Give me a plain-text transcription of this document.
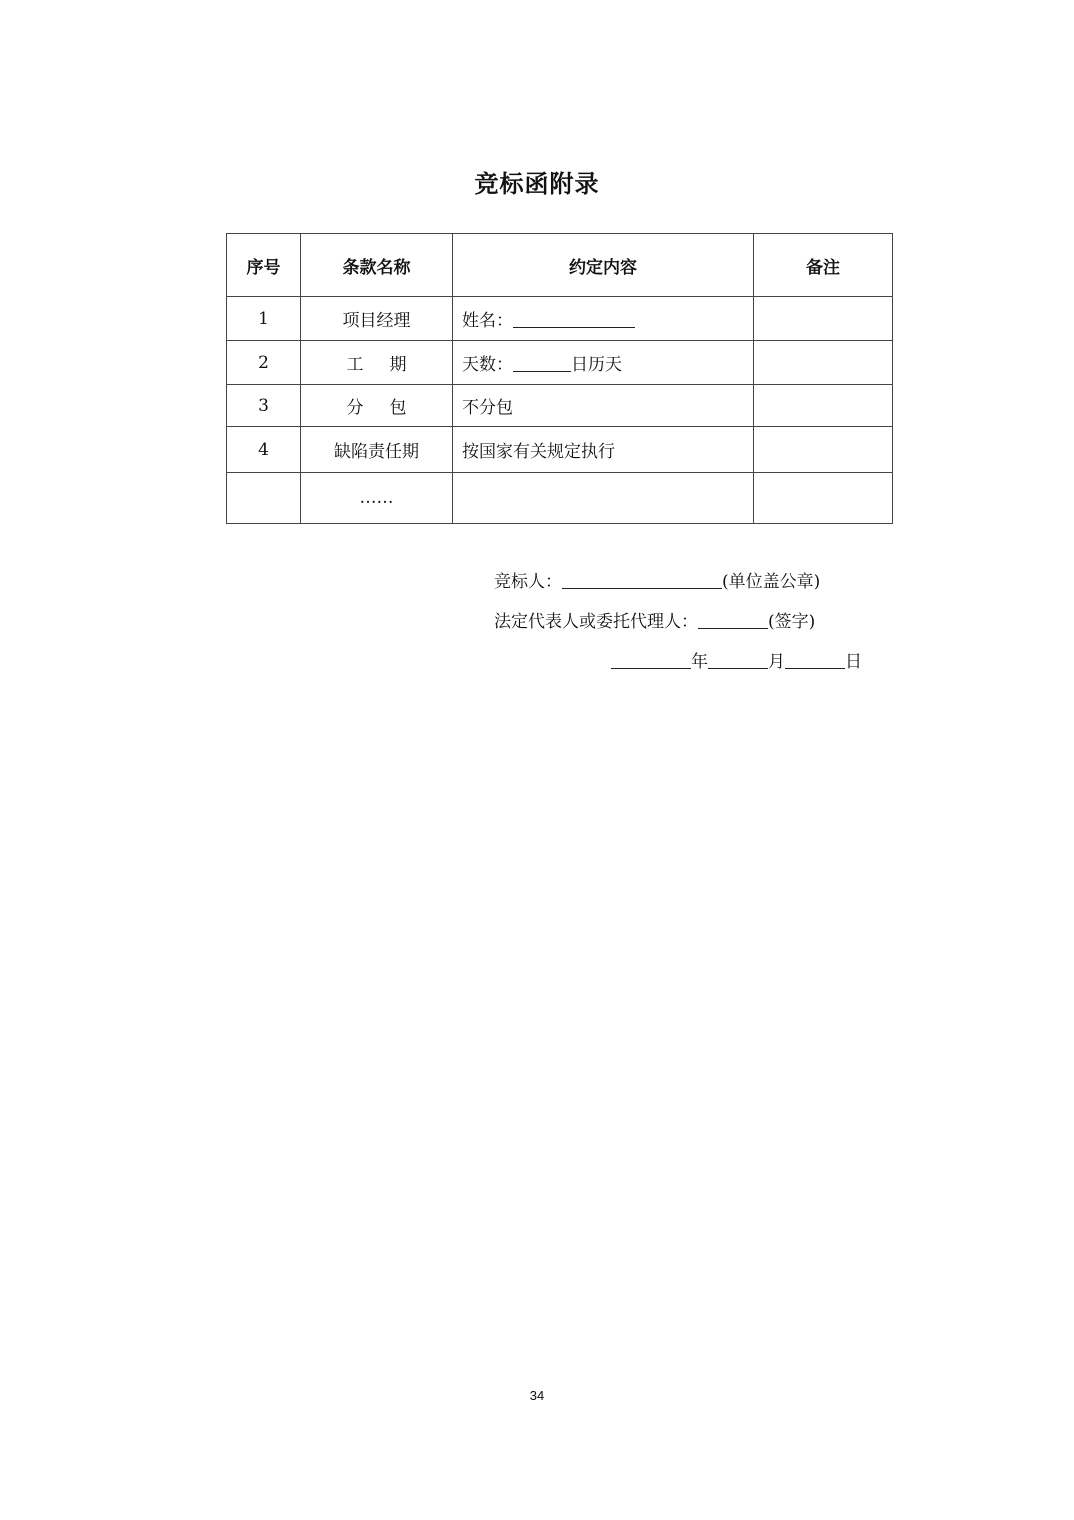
竞标函附录
序号	条款名称	约定内容	备注
1	项目经理	姓名：	
2	工期	天数： 日历天	
3	分包	不分包	
4	缺陷责任期	按国家有关规定执行	
	……		
竞标人：	(单位盖公章)
法定代表人或委托代理人：	(签字)
年	月	日
34
